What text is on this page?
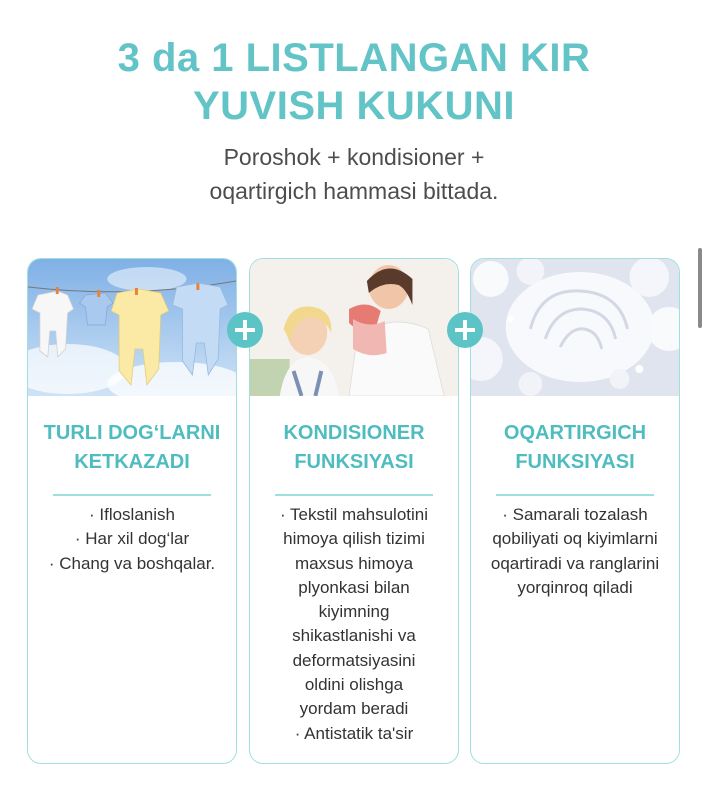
3 da 1 LISTLANGAN KIR
YUVISH KUKUNI
Poroshok + kondisioner +
oqartirgich hammasi bittada.
TURLI DOG‘LARNI
KETKAZADI
· Ifloslanish
· Har xil dog‘lar
· Chang va boshqalar.
KONDISIONER
FUNKSIYASI
· Tekstil mahsulotini
himoya qilish tizimi
maxsus himoya
plyonkasi bilan
kiyimning
shikastlanishi va
deformatsiyasini
oldini olishga
yordam beradi
· Antistatik ta'sir
OQARTIRGICH
FUNKSIYASI
· Samarali tozalash
qobiliyati oq kiyimlarni
oqartiradi va ranglarini
yorqinroq qiladi
